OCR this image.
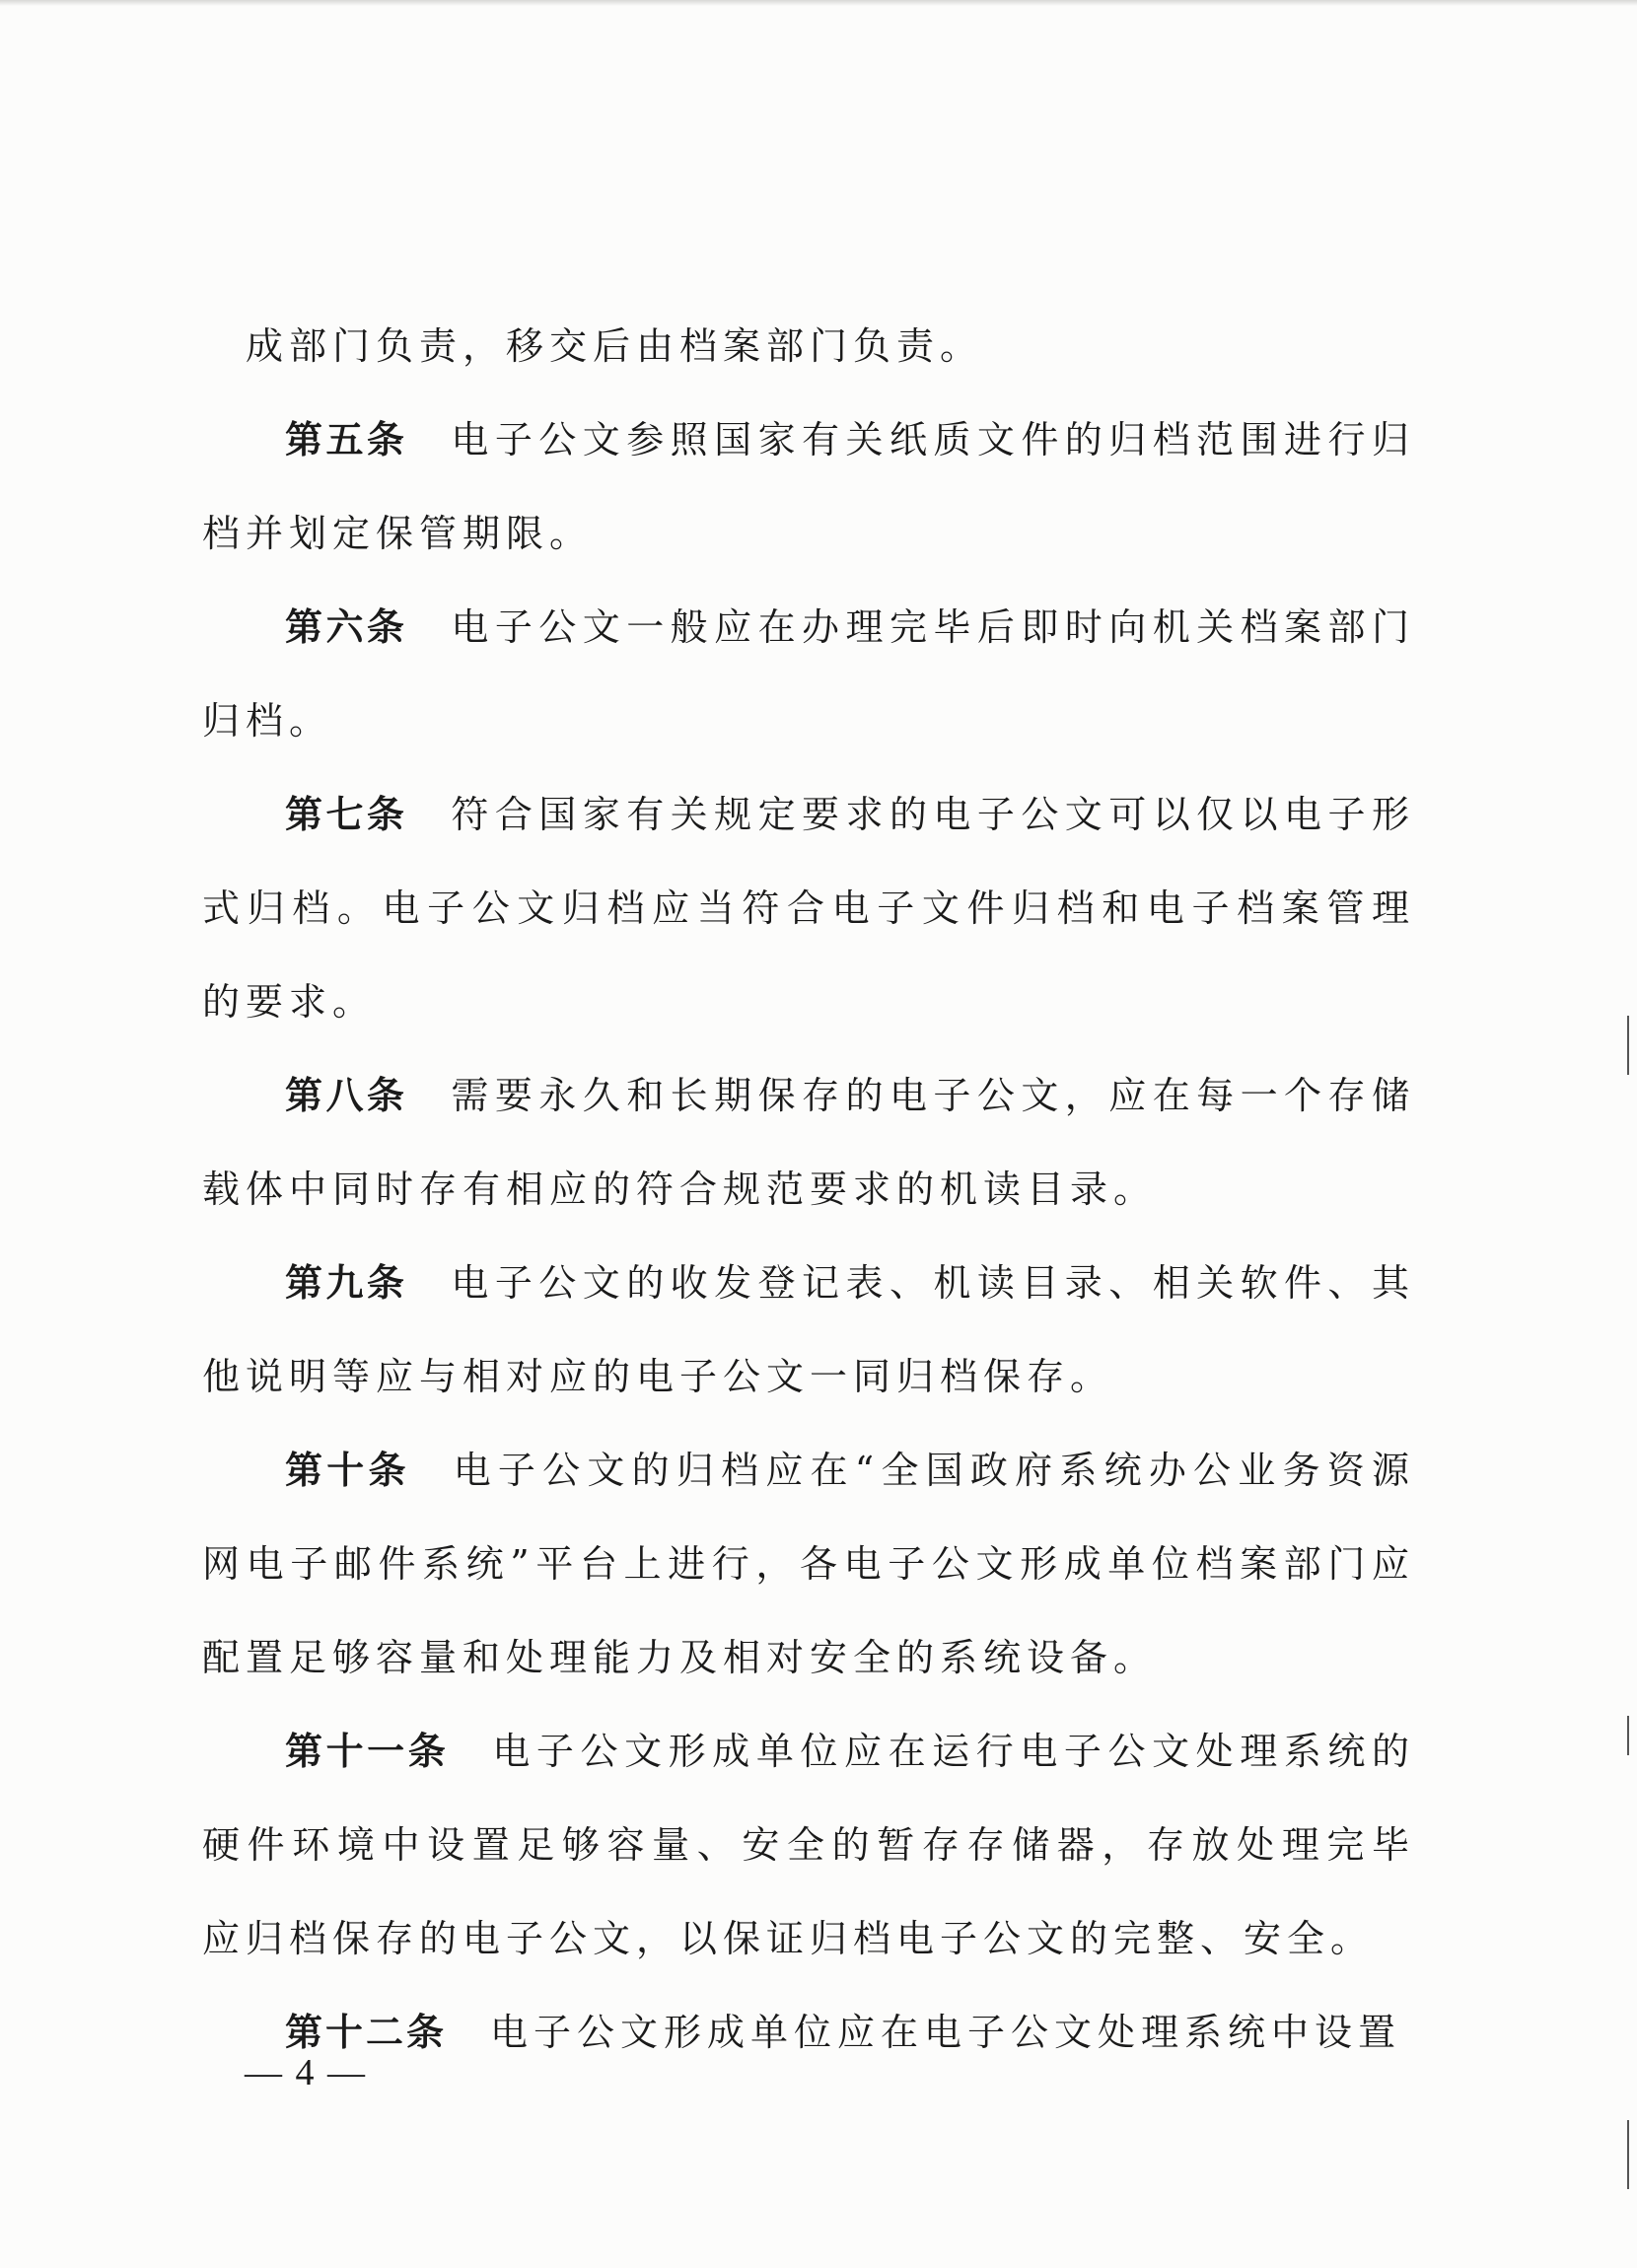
成部门负责，移交后由档案部门负责。

第五条 电子公文参照国家有关纸质文件的归档范围进行归档并划定保管期限。

第六条 电子公文一般应在办理完毕后即时向机关档案部门归档。

第七条 符合国家有关规定要求的电子公文可以仅以电子形式归档。电子公文归档应当符合电子文件归档和电子档案管理的要求。

第八条 需要永久和长期保存的电子公文，应在每一个存储载体中同时存有相应的符合规范要求的机读目录。

第九条 电子公文的收发登记表、机读目录、相关软件、其他说明等应与相对应的电子公文一同归档保存。

第十条 电子公文的归档应在“全国政府系统办公业务资源网电子邮件系统”平台上进行，各电子公文形成单位档案部门应配置足够容量和处理能力及相对安全的系统设备。

第十一条 电子公文形成单位应在运行电子公文处理系统的硬件环境中设置足够容量、安全的暂存存储器，存放处理完毕应归档保存的电子公文，以保证归档电子公文的完整、安全。

第十二条 电子公文形成单位应在电子公文处理系统中设置

— 4 —
